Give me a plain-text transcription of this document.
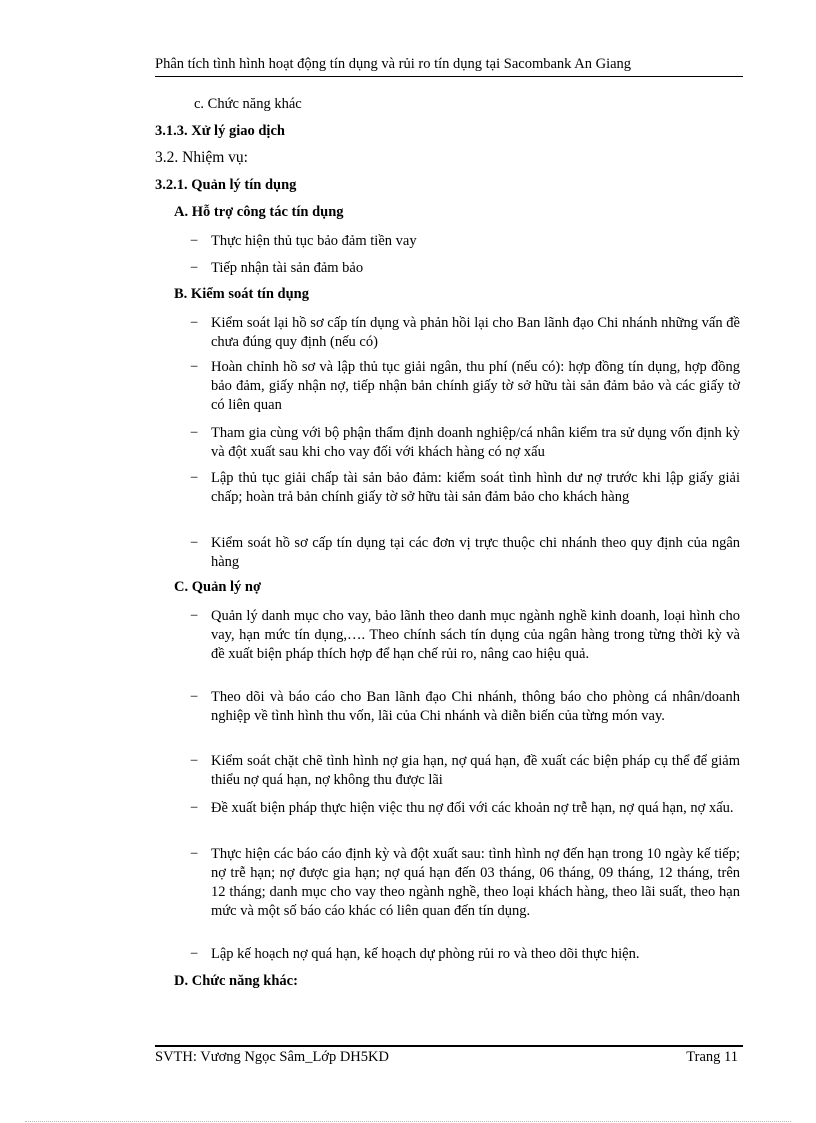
Phân tích tình hình hoạt động tín dụng và rủi ro tín dụng tại Sacombank An Giang
c. Chức năng khác
3.1.3. Xử lý giao dịch
3.2. Nhiệm vụ:
3.2.1. Quản lý tín dụng
A. Hỗ trợ công tác tín dụng
− Thực hiện thủ tục bảo đảm tiền vay
− Tiếp nhận tài sản đảm bảo
B. Kiểm soát tín dụng
− Kiểm soát lại hồ sơ cấp tín dụng và phản hồi lại cho Ban lãnh đạo Chi nhánh những vấn đề chưa đúng quy định (nếu có)
− Hoàn chỉnh hồ sơ và lập thủ tục giải ngân, thu phí (nếu có): hợp đồng tín dụng, hợp đồng bảo đảm, giấy nhận nợ, tiếp nhận bản chính giấy tờ sở hữu tài sản đảm bảo và các giấy tờ có liên quan
− Tham gia cùng với bộ phận thẩm định doanh nghiệp/cá nhân kiểm tra sử dụng vốn định kỳ và đột xuất sau khi cho vay đối với khách hàng có nợ xấu
− Lập thủ tục giải chấp tài sản bảo đảm: kiểm soát tình hình dư nợ trước khi lập giấy giải chấp; hoàn trả bản chính giấy tờ sở hữu tài sản đảm bảo cho khách hàng
− Kiểm soát hồ sơ cấp tín dụng tại các đơn vị trực thuộc chi nhánh theo quy định của ngân hàng
C. Quản lý nợ
− Quản lý danh mục cho vay, bảo lãnh theo danh mục ngành nghề kinh doanh, loại hình cho vay, hạn mức tín dụng,…. Theo chính sách tín dụng của ngân hàng trong từng thời kỳ và đề xuất biện pháp thích hợp để hạn chế rủi ro, nâng cao hiệu quả.
− Theo dõi và báo cáo cho Ban lãnh đạo Chi nhánh, thông báo cho phòng cá nhân/doanh nghiệp về tình hình thu vốn, lãi của Chi nhánh và diễn biến của từng món vay.
− Kiểm soát chặt chẽ tình hình nợ gia hạn, nợ quá hạn, đề xuất các biện pháp cụ thể để giảm thiểu nợ quá hạn, nợ không thu được lãi
− Đề xuất biện pháp thực hiện việc thu nợ đối với các khoản nợ trễ hạn, nợ quá hạn, nợ xấu.
− Thực hiện các báo cáo định kỳ và đột xuất sau: tình hình nợ đến hạn trong 10 ngày kế tiếp; nợ trễ hạn; nợ được gia hạn; nợ quá hạn đến 03 tháng, 06 tháng, 09 tháng, 12 tháng, trên 12 tháng; danh mục cho vay theo ngành nghề, theo loại khách hàng, theo lãi suất, theo hạn mức và một số báo cáo khác có liên quan đến tín dụng.
− Lập kế hoạch nợ quá hạn, kế hoạch dự phòng rủi ro và theo dõi thực hiện.
D. Chức năng khác:
SVTH: Vương Ngọc Sâm_Lớp DH5KD	Trang 11
